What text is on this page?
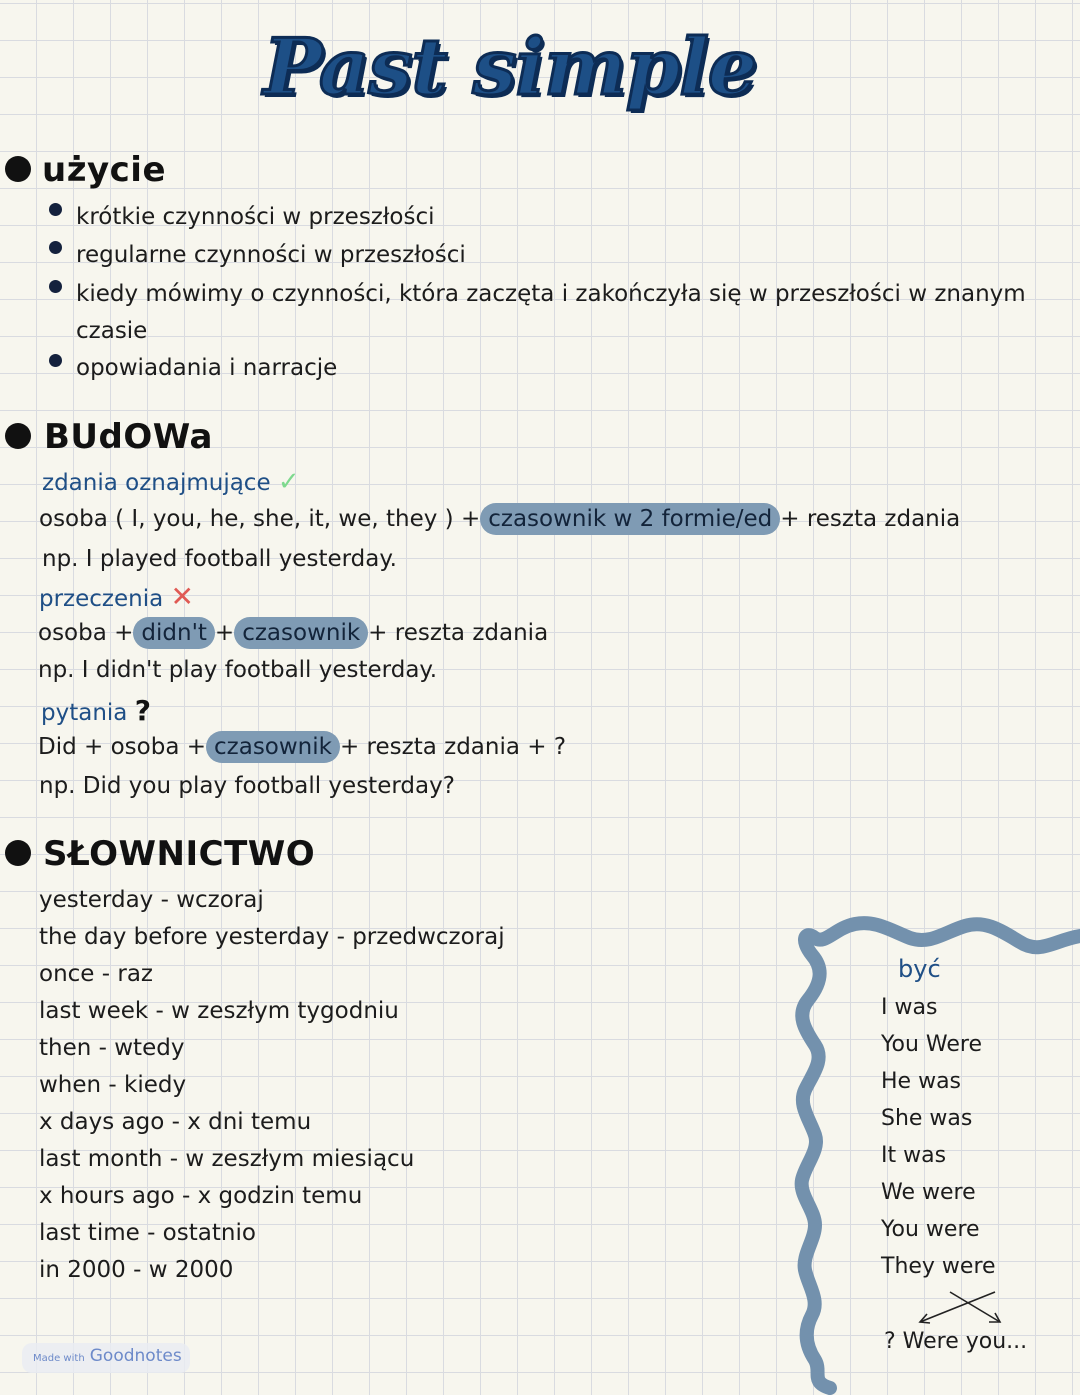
Past simple
użycie
krótkie czynności w przeszłości
regularne czynności w przeszłości
kiedy mówimy o czynności, która zaczęta i zakończyła się w przeszłości w znanym
czasie
opowiadania i narracje
BUdOWa
zdania oznajmujące ✓
osoba ( I, you, he, she, it, we, they ) + czasownik w 2 formie/ed + reszta zdania
np. I played football yesterday.
przeczenia ✕
osoba + didn't + czasownik + reszta zdania
np. I didn't play football yesterday.
pytania ?
Did + osoba + czasownik + reszta zdania + ?
np. Did you play football yesterday?
SŁOWNICTWO
yesterday - wczoraj
the day before yesterday - przedwczoraj
once - raz
last week - w zeszłym tygodniu
then - wtedy
when - kiedy
x days ago - x dni temu
last month - w zeszłym miesiącu
x hours ago - x godzin temu
last time - ostatnio
in 2000 - w 2000
być
I was
You Were
He was
She was
It was
We were
You were
They were
? Were you...
Made with Goodnotes
